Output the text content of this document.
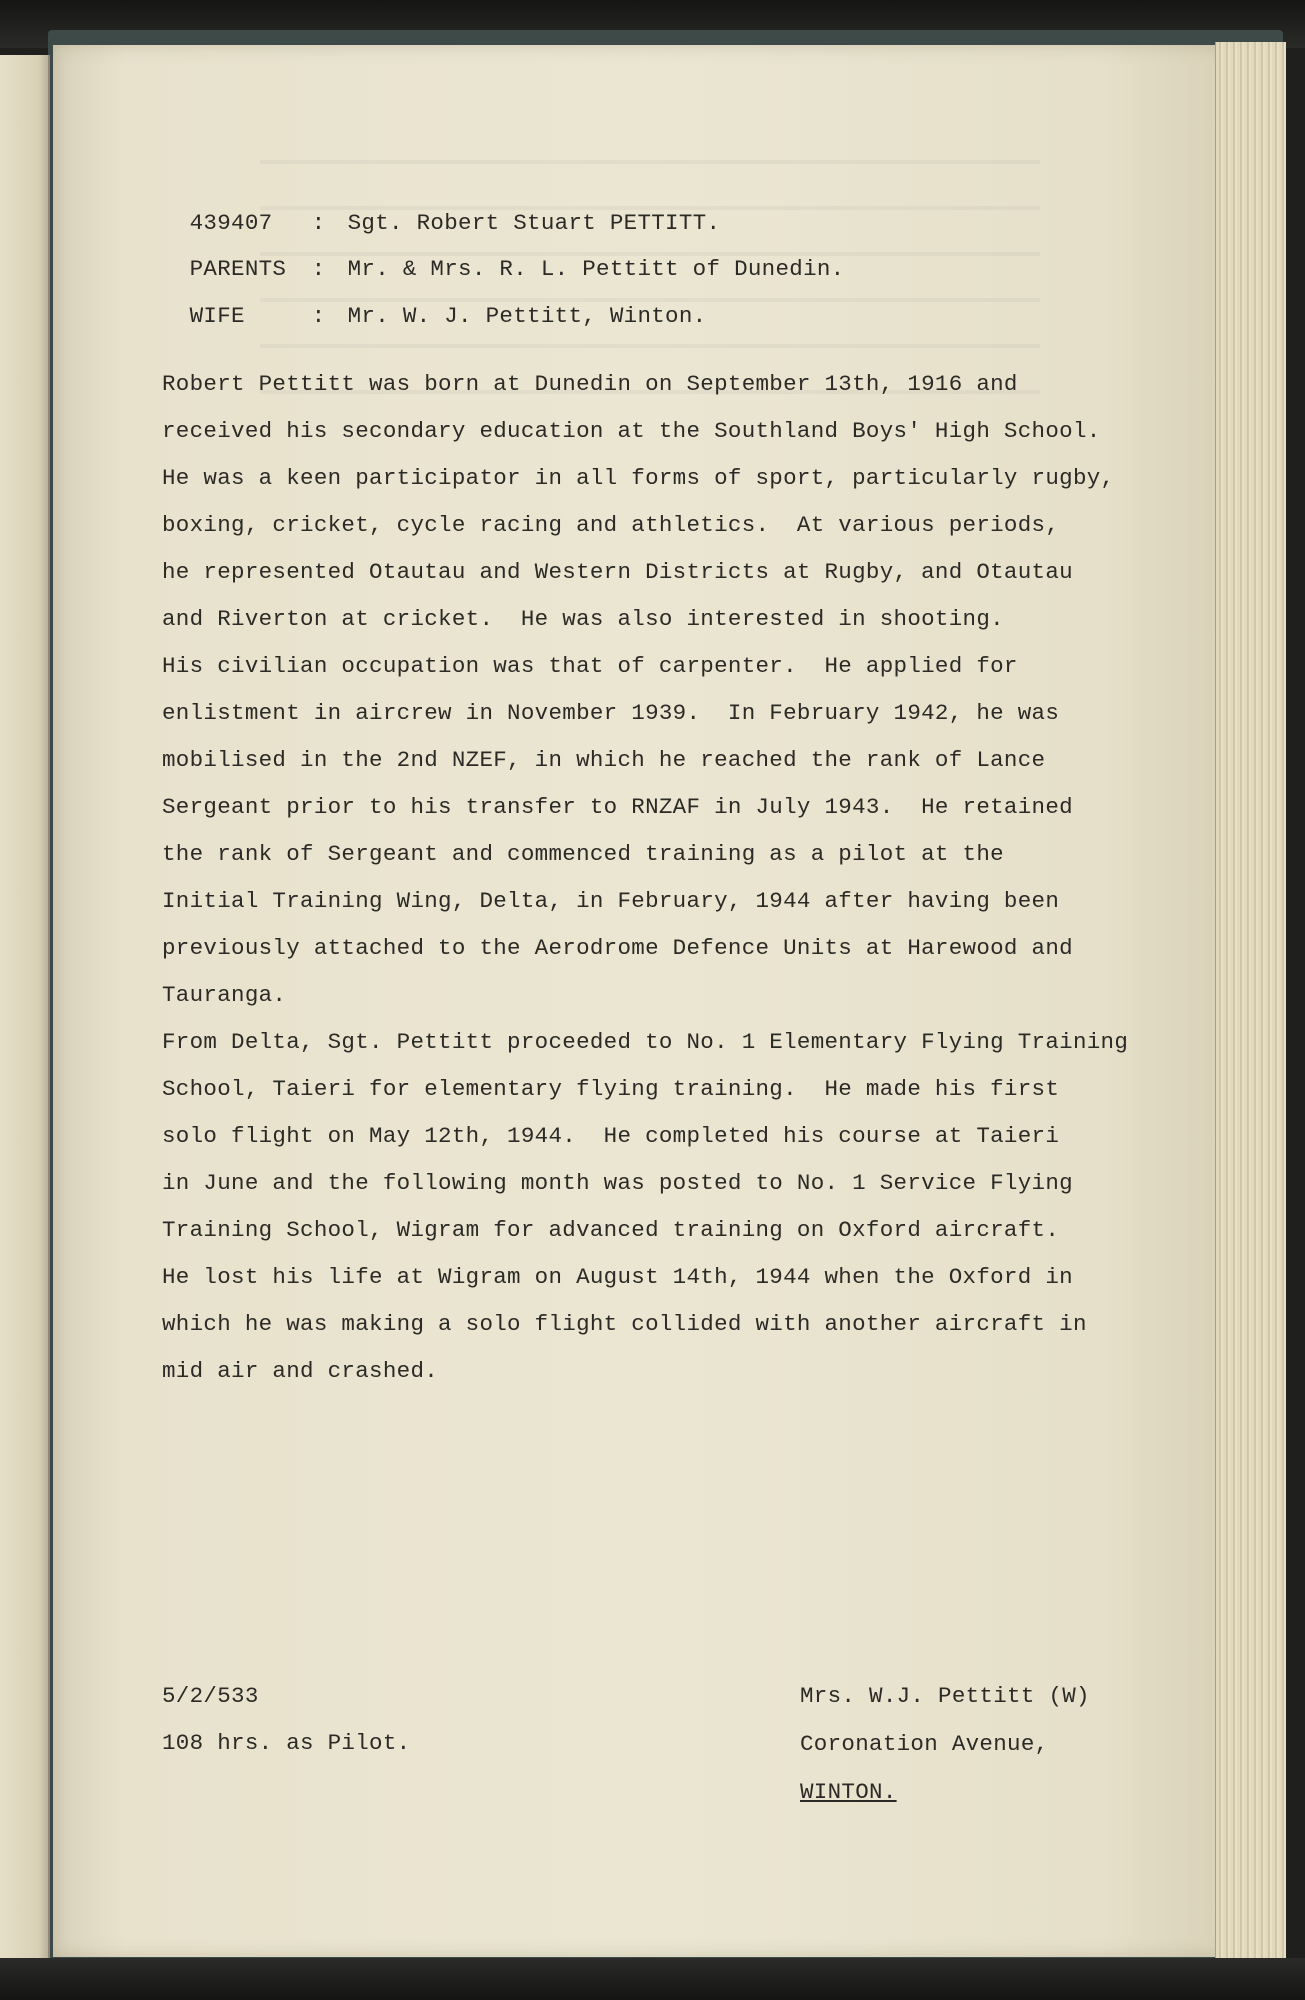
439407 : Sgt. Robert Stuart PETTITT.

PARENTS : Mr. & Mrs. R. L. Pettitt of Dunedin.

WIFE	: Mr. W. J. Pettitt, Winton.

Robert Pettitt was born at Dunedin on September 13th, 1916 and
received his secondary education at the Southland Boys' High School.
He was a keen participator in all forms of sport, particularly rugby,
boxing, cricket, cycle racing and athletics.  At various periods,
he represented Otautau and Western Districts at Rugby, and Otautau
and Riverton at cricket.  He was also interested in shooting.
His civilian occupation was that of carpenter.  He applied for
enlistment in aircrew in November 1939.  In February 1942, he was
mobilised in the 2nd NZEF, in which he reached the rank of Lance
Sergeant prior to his transfer to RNZAF in July 1943.  He retained
the rank of Sergeant and commenced training as a pilot at the
Initial Training Wing, Delta, in February, 1944 after having been
previously attached to the Aerodrome Defence Units at Harewood and
Tauranga.
From Delta, Sgt. Pettitt proceeded to No. 1 Elementary Flying Training
School, Taieri for elementary flying training.  He made his first
solo flight on May 12th, 1944.  He completed his course at Taieri
in June and the following month was posted to No. 1 Service Flying
Training School, Wigram for advanced training on Oxford aircraft.
He lost his life at Wigram on August 14th, 1944 when the Oxford in
which he was making a solo flight collided with another aircraft in
mid air and crashed.
5/2/533
108 hrs. as Pilot.
Mrs. W.J. Pettitt (W)
Coronation Avenue,
WINTON.
